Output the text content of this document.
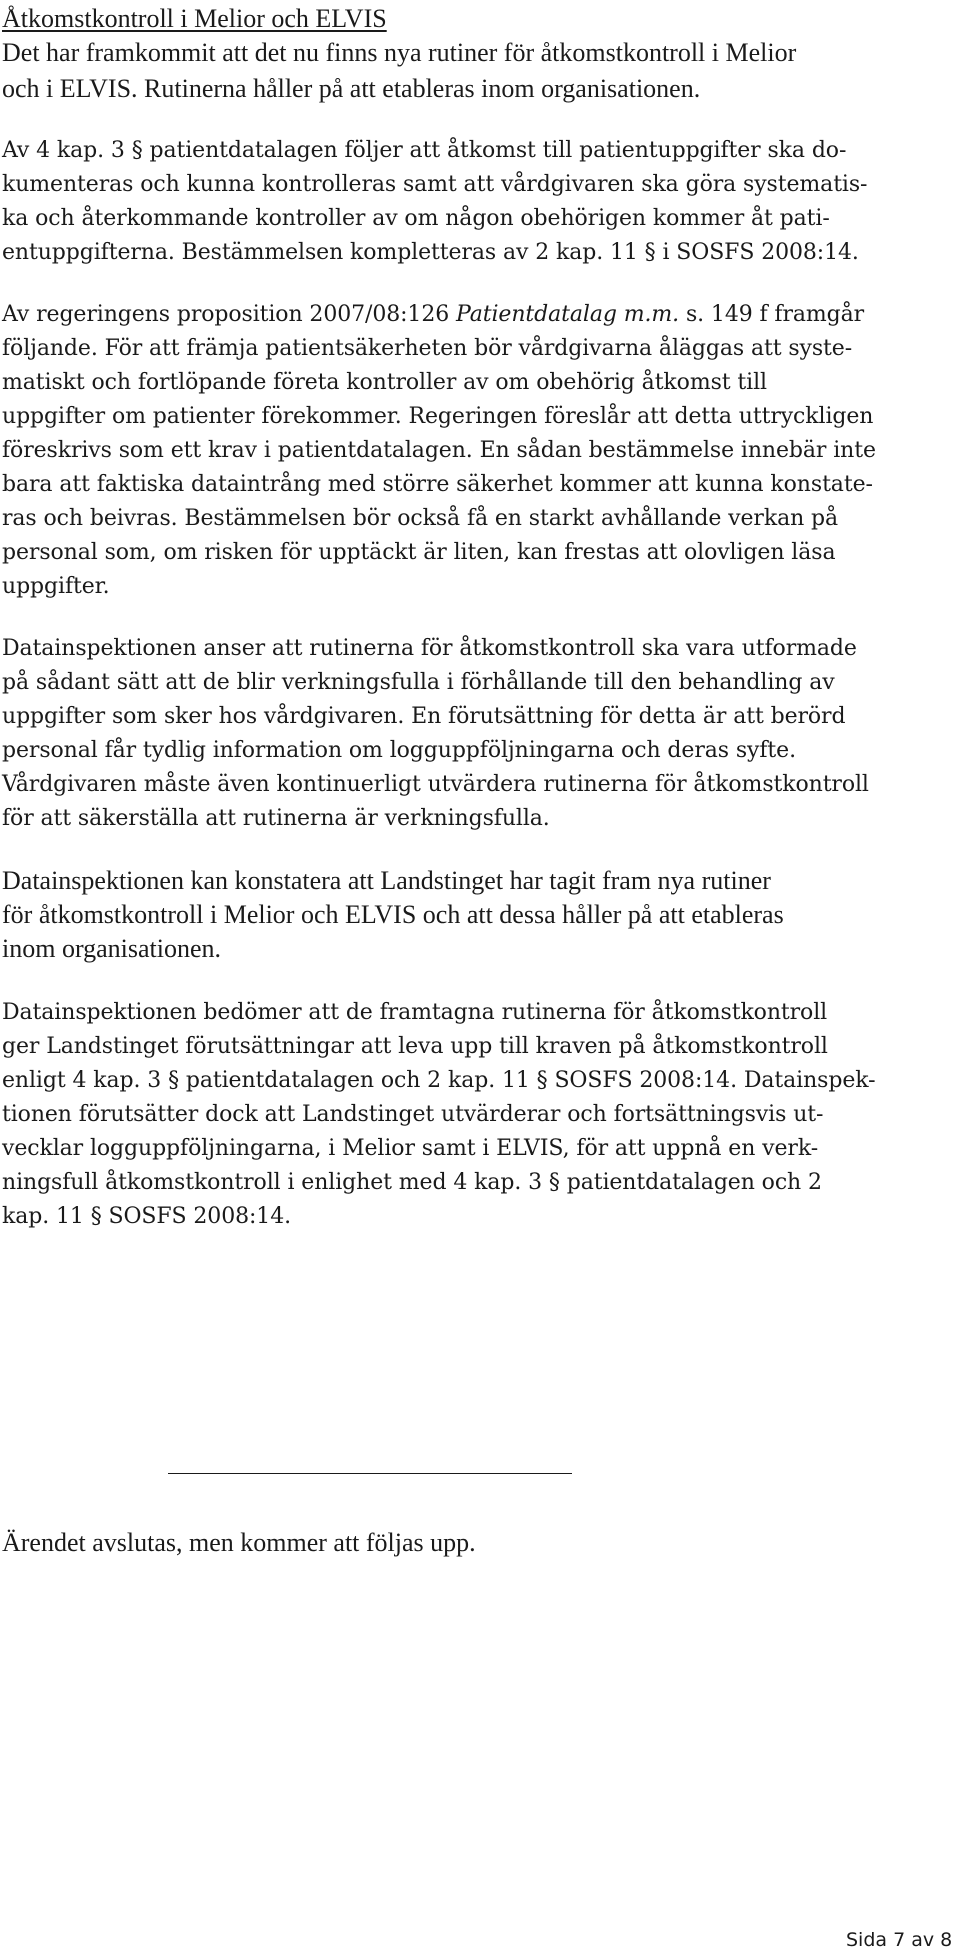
Åtkomstkontroll i Melior och ELVIS
Det har framkommit att det nu finns nya rutiner för åtkomstkontroll i Melior
och i ELVIS. Rutinerna håller på att etableras inom organisationen.
Av 4 kap. 3 § patientdatalagen följer att åtkomst till patientuppgifter ska do-
kumenteras och kunna kontrolleras samt att vårdgivaren ska göra systematis-
ka och återkommande kontroller av om någon obehörigen kommer åt pati-
entuppgifterna. Bestämmelsen kompletteras av 2 kap. 11 § i SOSFS 2008:14.
Av regeringens proposition 2007/08:126 Patientdatalag m.m. s. 149 f framgår
följande. För att främja patientsäkerheten bör vårdgivarna åläggas att syste-
matiskt och fortlöpande företa kontroller av om obehörig åtkomst till
uppgifter om patienter förekommer. Regeringen föreslår att detta uttryckligen
föreskrivs som ett krav i patientdatalagen. En sådan bestämmelse innebär inte
bara att faktiska dataintrång med större säkerhet kommer att kunna konstate-
ras och beivras. Bestämmelsen bör också få en starkt avhållande verkan på
personal som, om risken för upptäckt är liten, kan frestas att olovligen läsa
uppgifter.
Datainspektionen anser att rutinerna för åtkomstkontroll ska vara utformade
på sådant sätt att de blir verkningsfulla i förhållande till den behandling av
uppgifter som sker hos vårdgivaren. En förutsättning för detta är att berörd
personal får tydlig information om logguppföljningarna och deras syfte.
Vårdgivaren måste även kontinuerligt utvärdera rutinerna för åtkomstkontroll
för att säkerställa att rutinerna är verkningsfulla.
Datainspektionen kan konstatera att Landstinget har tagit fram nya rutiner
för åtkomstkontroll i Melior och ELVIS och att dessa håller på att etableras
inom organisationen.
Datainspektionen bedömer att de framtagna rutinerna för åtkomstkontroll
ger Landstinget förutsättningar att leva upp till kraven på åtkomstkontroll
enligt 4 kap. 3 § patientdatalagen och 2 kap. 11 § SOSFS 2008:14. Datainspek-
tionen förutsätter dock att Landstinget utvärderar och fortsättningsvis ut-
vecklar logguppföljningarna, i Melior samt i ELVIS, för att uppnå en verk-
ningsfull åtkomstkontroll i enlighet med 4 kap. 3 § patientdatalagen och 2
kap. 11 § SOSFS 2008:14.
Ärendet avslutas, men kommer att följas upp.
Sida 7 av 8
